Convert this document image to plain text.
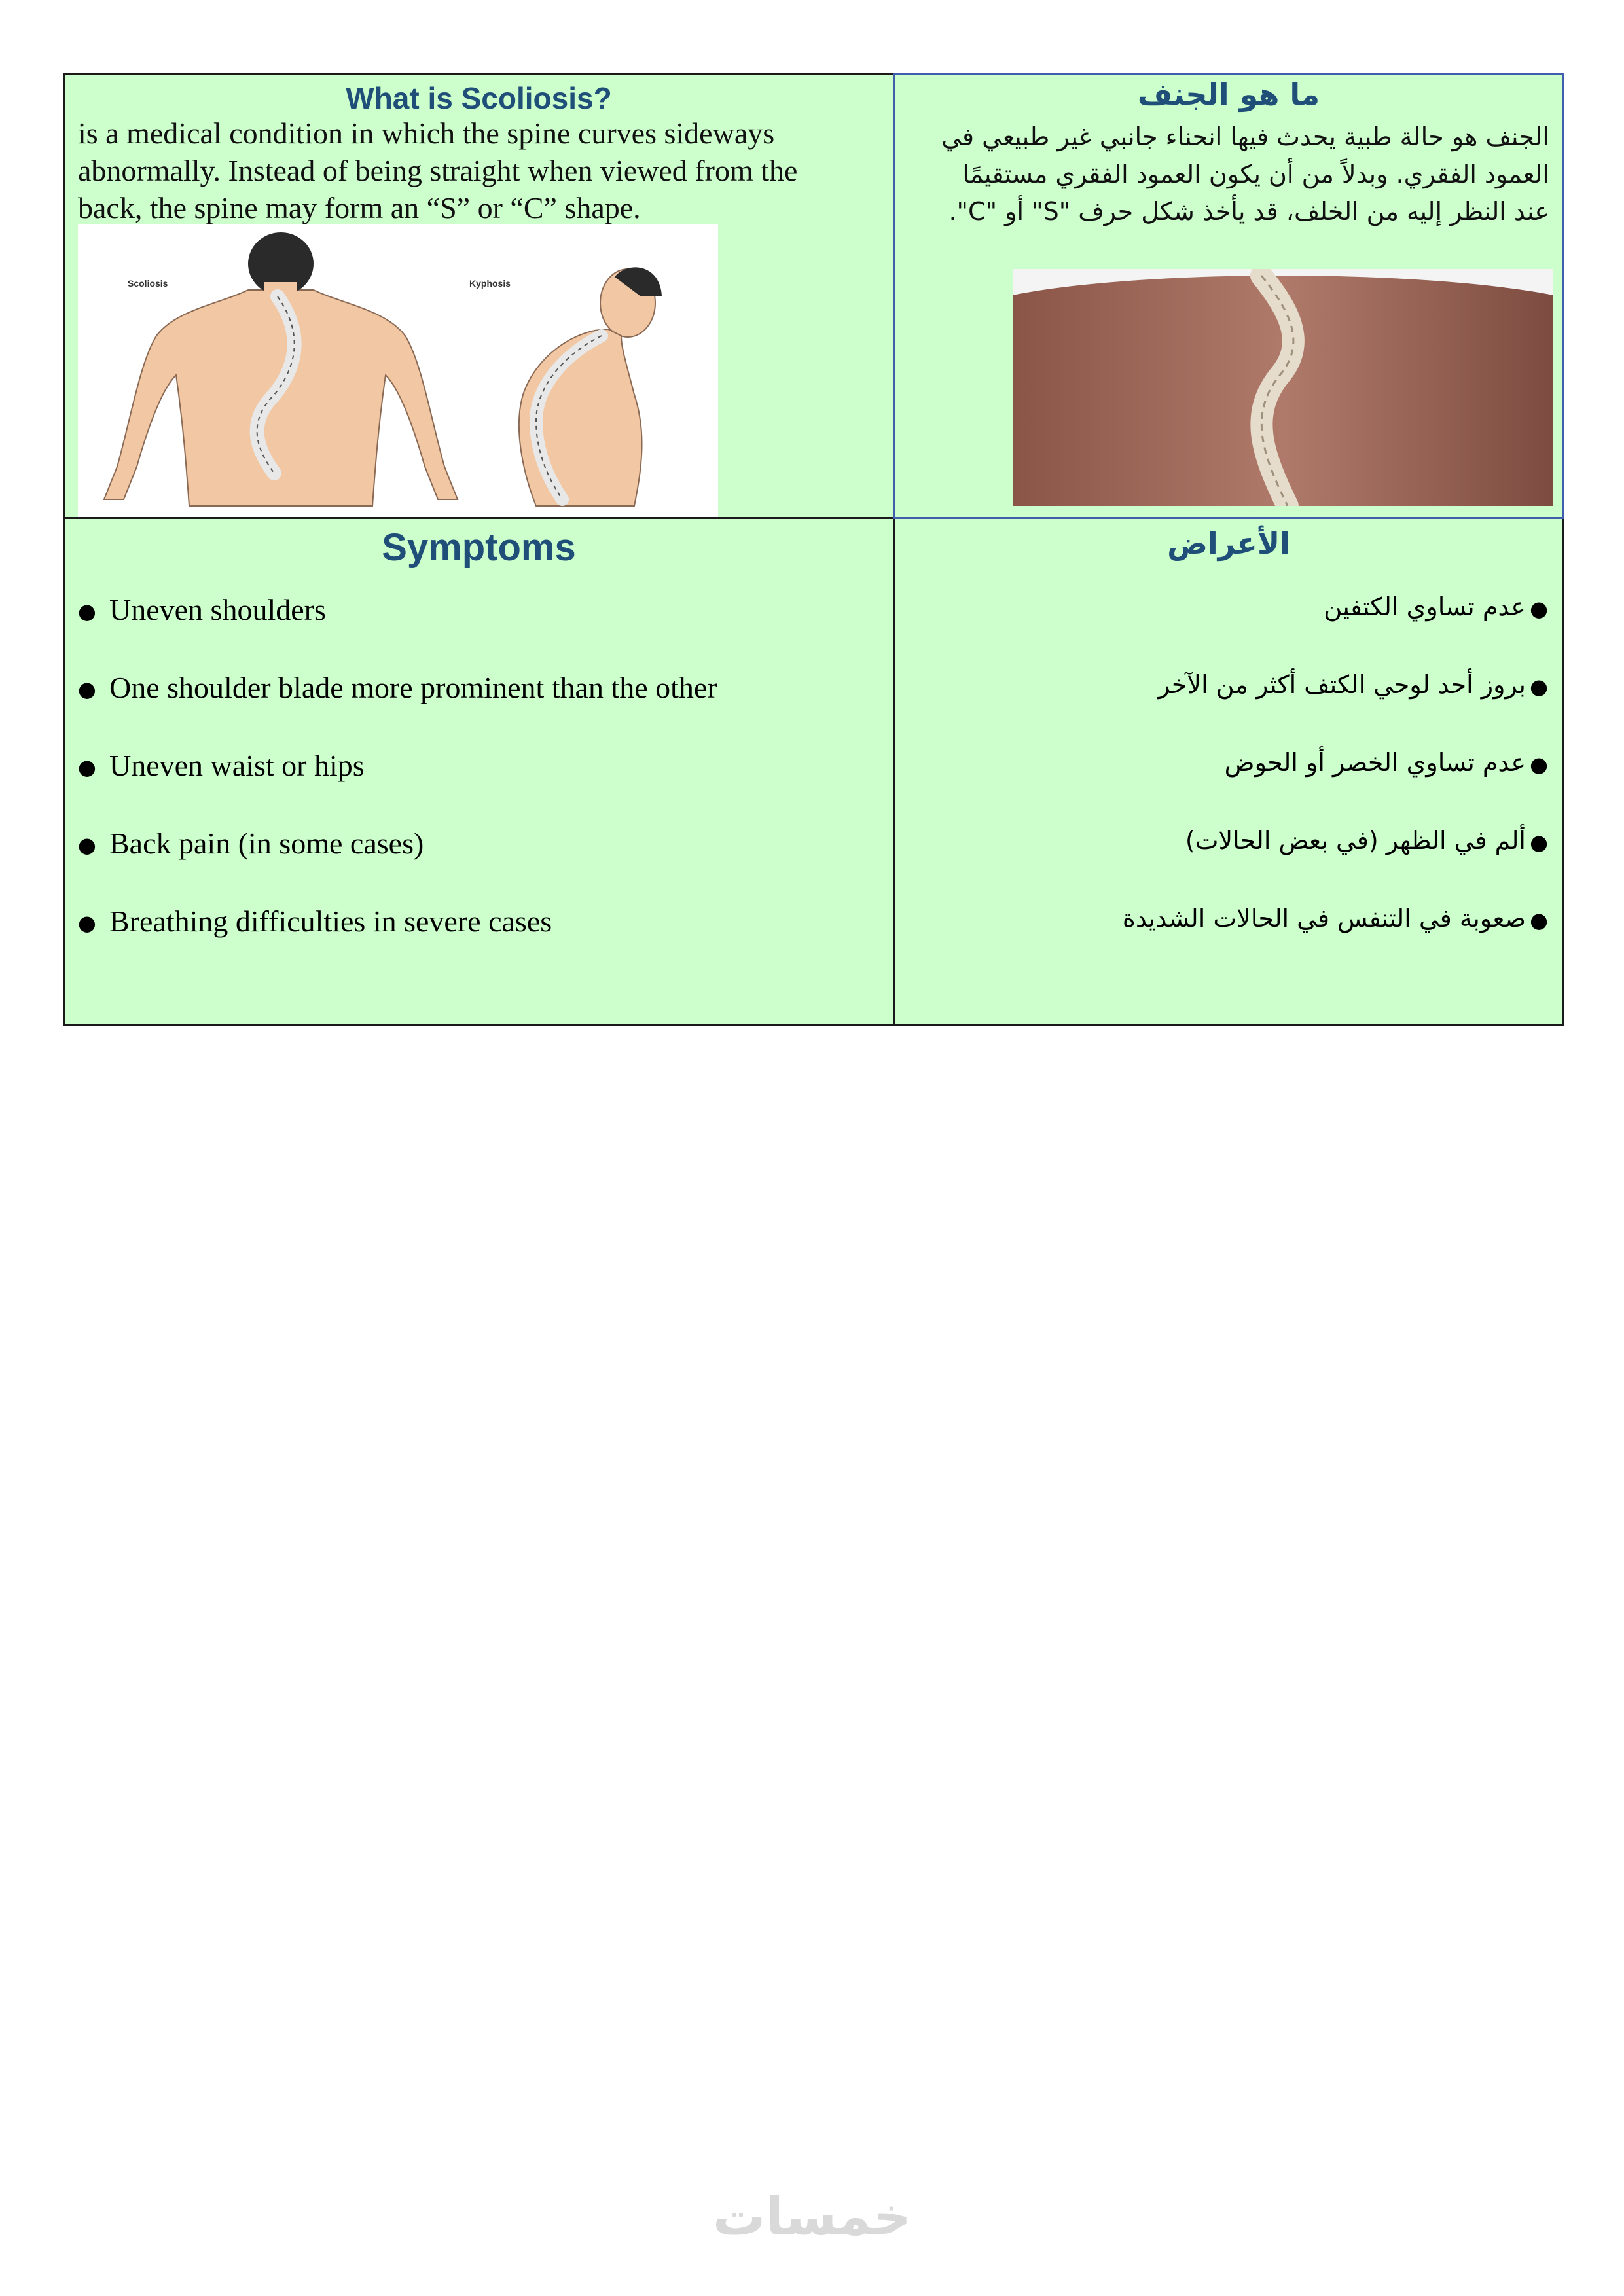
What is Scoliosis?
is a medical condition in which the spine curves sideways abnormally. Instead of being straight when viewed from the back, the spine may form an “S” or “C” shape.
Scoliosis	Kyphosis
ما هو الجنف
الجنف هو حالة طبية يحدث فيها انحناء جانبي غير طبيعي في العمود الفقري. وبدلاً من أن يكون العمود الفقري مستقيمًا عند النظر إليه من الخلف، قد يأخذ شكل حرف "S" أو "C".
Symptoms
● Uneven shoulders
● One shoulder blade more prominent than the other
● Uneven waist or hips
● Back pain (in some cases)
● Breathing difficulties in severe cases
الأعراض
●
عدم تساوي الكتفين
●
بروز أحد لوحي الكتف أكثر من الآخر
●
عدم تساوي الخصر أو الحوض
●
ألم في الظهر (في بعض الحالات)
●
صعوبة في التنفس في الحالات الشديدة
خمسات
